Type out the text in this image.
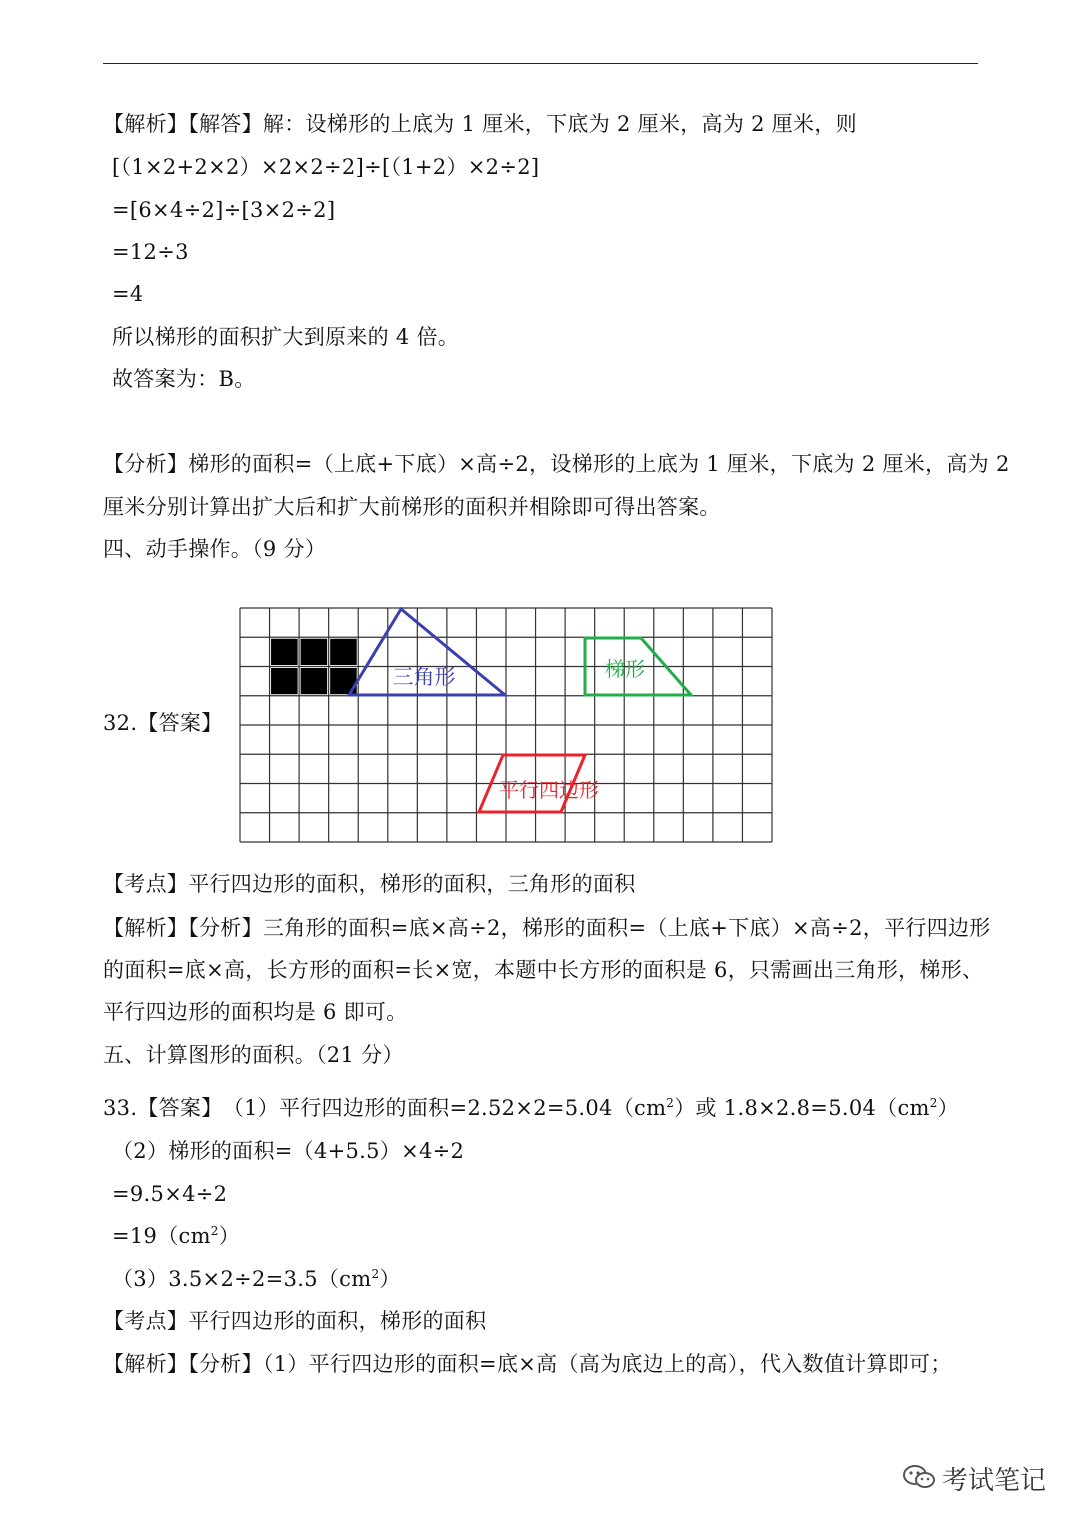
【解析】【解答】解：设梯形的上底为 1 厘米，下底为 2 厘米，高为 2 厘米，则
[（1×2+2×2）×2×2÷2]÷[（1+2）×2÷2]
=[6×4÷2]÷[3×2÷2]
=12÷3
=4
所以梯形的面积扩大到原来的 4 倍。
故答案为：B。
【分析】梯形的面积=（上底+下底）×高÷2，设梯形的上底为 1 厘米，下底为 2 厘米，高为 2
厘米分别计算出扩大后和扩大前梯形的面积并相除即可得出答案。
四、动手操作。（9 分）
32.【答案】
三角形	梯形
平行四边形
【考点】平行四边形的面积，梯形的面积，三角形的面积
【解析】【分析】三角形的面积=底×高÷2，梯形的面积=（上底+下底）×高÷2，平行四边形
的面积=底×高，长方形的面积=长×宽，本题中长方形的面积是 6，只需画出三角形，梯形、
平行四边形的面积均是 6 即可。
五、计算图形的面积。（21 分）
33.【答案】　（1）平行四边形的面积$=2.52\times 2=5.04(cm^2)$或 $1.8\times 2.8=5.04(cm^2)$
（2）梯形的面积=（4+5.5）×4÷2
=9.5×4÷2
$=19(cm^2)$
$(3)3.5\times 2\div 2=3.5(cm^2)$
【考点】平行四边形的面积，梯形的面积
【解析】【分析】（1）平行四边形的面积=底×高（高为底边上的高），代入数值计算即可；
考试笔记
